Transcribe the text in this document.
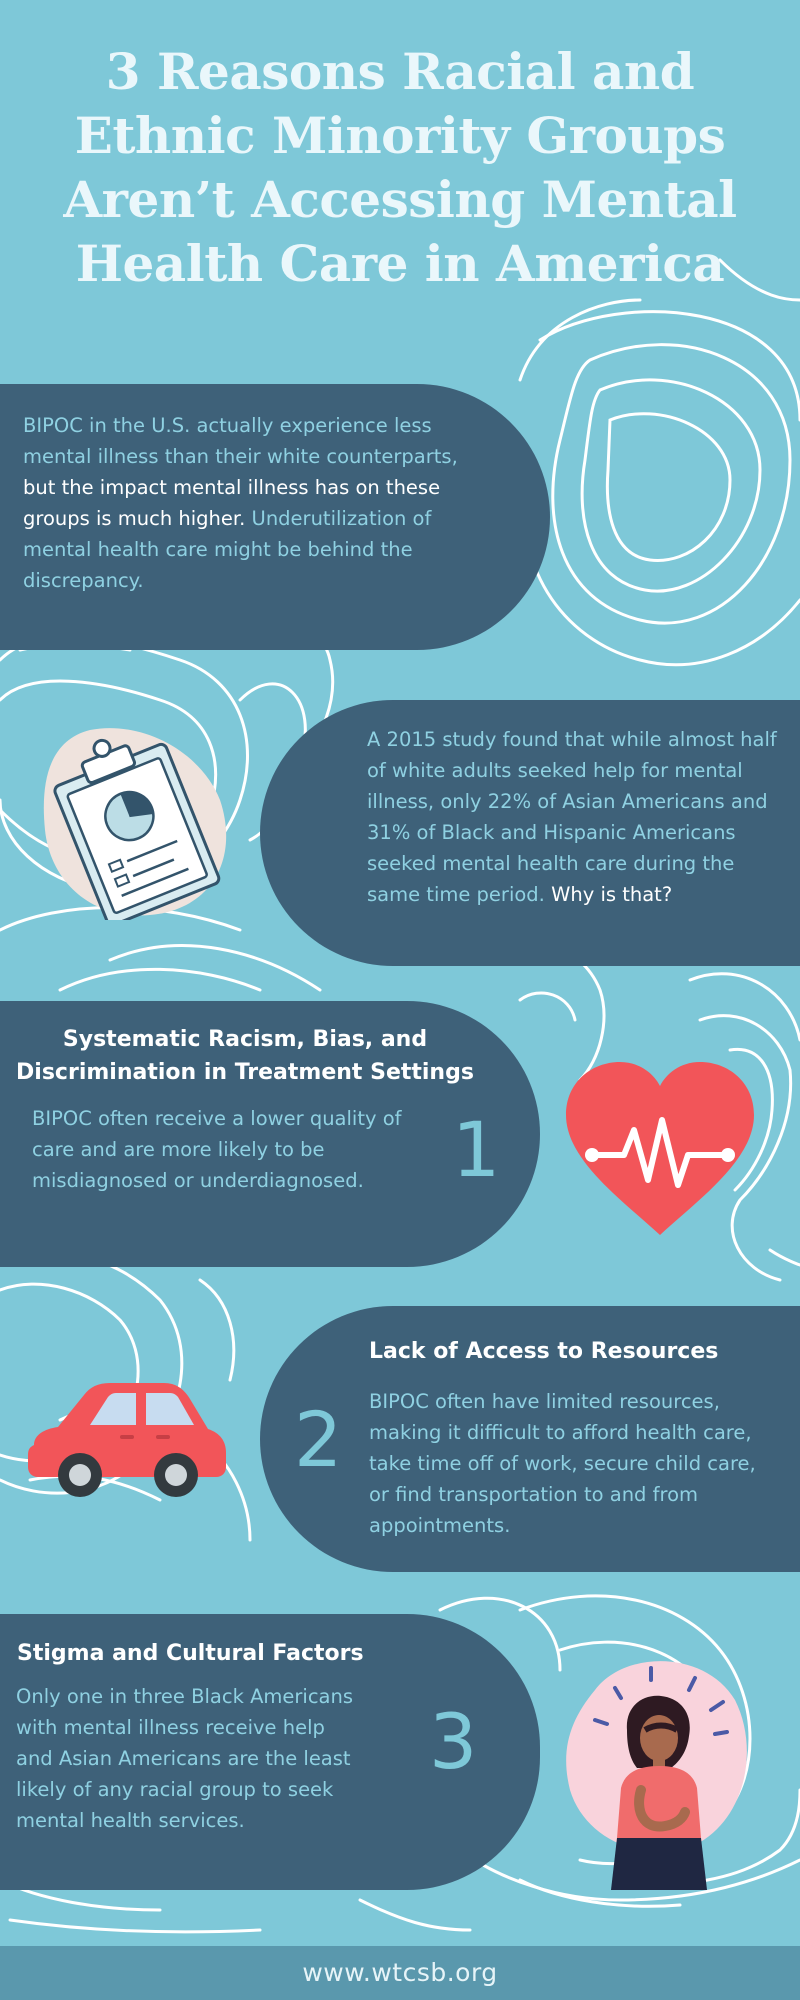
3 Reasons Racial and Ethnic Minority Groups Aren’t Accessing Mental Health Care in America

BIPOC in the U.S. actually experience less mental illness than their white counterparts, but the impact mental illness has on these groups is much higher. Underutilization of mental health care might be behind the discrepancy.

A 2015 study found that while almost half of white adults seeked help for mental illness, only 22% of Asian Americans and 31% of Black and Hispanic Americans seeked mental health care during the same time period. Why is that?

Systematic Racism, Bias, and Discrimination in Treatment Settings

BIPOC often receive a lower quality of care and are more likely to be misdiagnosed or underdiagnosed.	1
Lack of Access to Resources

BIPOC often have limited resources, making it difficult to afford health care, take time off of work, secure child care, or find transportation to and from appointments.

2
Stigma and Cultural Factors

Only one in three Black Americans with mental illness receive help and Asian Americans are the least likely of any racial group to seek mental health services.

3
www.wtcsb.org
